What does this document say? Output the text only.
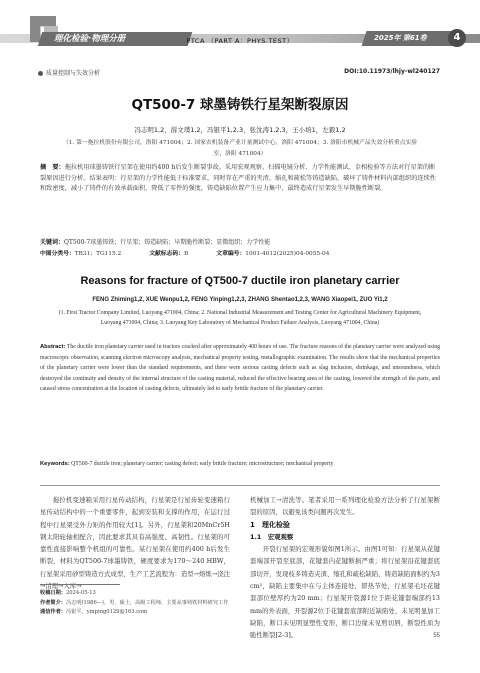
理化检验·物理分册	PTCA （PART A：PHYS.TEST）	2025年 第61卷	4
质量控制与失效分析	DOI:10.11973/lhjy-wl240127
QT500-7 球墨铸铁行星架断裂原因
冯志明1,2，薛文璞1,2，冯银平1,2,3，张沈涛1,2,3，王小培1，左毅1,2
（1. 第一拖拉机股份有限公司，洛阳 471004；2. 国家农机装备产业计量测试中心，洛阳 471004；3. 洛阳市机械产品失效分析重点实验室，洛阳 471004）
摘　要：拖拉机用球墨铸铁行星架在使用约400 h后发生断裂事故。采用宏观观察、扫描电镜分析、力学性能测试、金相检验等方法对行星架的断裂原因进行分析。结果表明：行星架的力学性能低于标准要求，同时存在严重的夹渣、缩孔和疏松等铸造缺陷，破坏了铸件材料内部组织的连续性和致密度，减小了铸件的有效承载面积，降低了零件的强度，铸造缺陷位置产生应力集中，最终造成行星架发生早期脆性断裂。
关键词：QT500-7球墨铸铁；行星架；铸造缺陷；早期脆性断裂；显微组织；力学性能
中图分类号：TB31；TG115.2	文献标志码：B	文章编号：1001-4012(2025)04-0055-04
Reasons for fracture of QT500-7 ductile iron planetary carrier
FENG Zhiming1,2, XUE Wenpu1,2, FENG Yinping1,2,3, ZHANG Shentao1,2,3, WANG Xiaopei1, ZUO Yi1,2
(1. First Tractor Company Limited, Luoyang 471004, China; 2. National Industrial Measurement and Testing Center for Agricultural Machinery Equipment, Luoyang 471004, China; 3. Luoyang Key Laboratory of Mechanical Product Failure Analysis, Luoyang 471004, China)
Abstract: The ductile iron planetary carrier used in tractors cracked after approximately 400 hours of use. The fracture reasons of the planetary carrier were analyzed using macroscopic observation, scanning electron microscopy analysis, mechanical property testing, metallographic examination. The results show that the mechanical properties of the planetary carrier were lower than the standard requirements, and there were serious casting defects such as slag inclusion, shrinkage, and unsoundness, which destroyed the continuity and density of the internal structure of the casting material, reduced the effective bearing area of the casting, lowered the strength of the parts, and caused stress concentration at the location of casting defects, ultimately led to early brittle fracture of the planetary carrier.
Keywords: QT500-7 ductile iron; planetary carrier; casting defect; early brittle fracture; microstructure; mechanical property

拖拉机变速箱采用行星传动结构，行星架是行星齿轮变速箱行星传动结构中的一个重要零件，起到安装和支撑的作用，在运行过程中行星架受外力矩的作用较大[1]。另外，行星架和20MnCr5H钢太阳轮轴相配合，因此要求其具有高强度、高韧性。行星架的可靠性直接影响整个机组的可靠性。某行星架在使用约400 h后发生断裂，材料为QT500-7球墨铸铁，硬度要求为170～240 HBW，行星架采用砂型铸造方式成型，生产工艺流程为：造型→熔炼→浇注→清理→入库→

机械加工→清洗等。笔者采用一系列理化检验方法分析了行星架断裂的原因，以避免该类问题再次发生。

1　理化检验

1.1　宏观观察

开裂行星架的宏观形貌如图1所示。由图1可知：行星架从花键套端部开裂至底部，花键套内花键断损严重；将行星架沿花键套底部切开，发现枝多铸造夹渣、缩孔和疏松缺陷，铸造缺陷面积约为3 cm²，缺陷主要集中在与主体连接处，即热节处，行星架毛坯花键套部位壁厚约为20 mm；行星架开裂源1位于距花键套端部约13 mm的外表面，开裂源2位于花键套底部附近缺陷处，未见明显加工缺陷，断口未见明显塑性变形，断口边缘未见剪切唇，断裂性质为脆性断裂[2-3]。

收稿日期：2024-05-13
作者简介：冯志明(1986—)，男，硕士，高级工程师，主要从事铸铁材料研究工作
通信作者：冯银平，yinping0129@163.com
55
